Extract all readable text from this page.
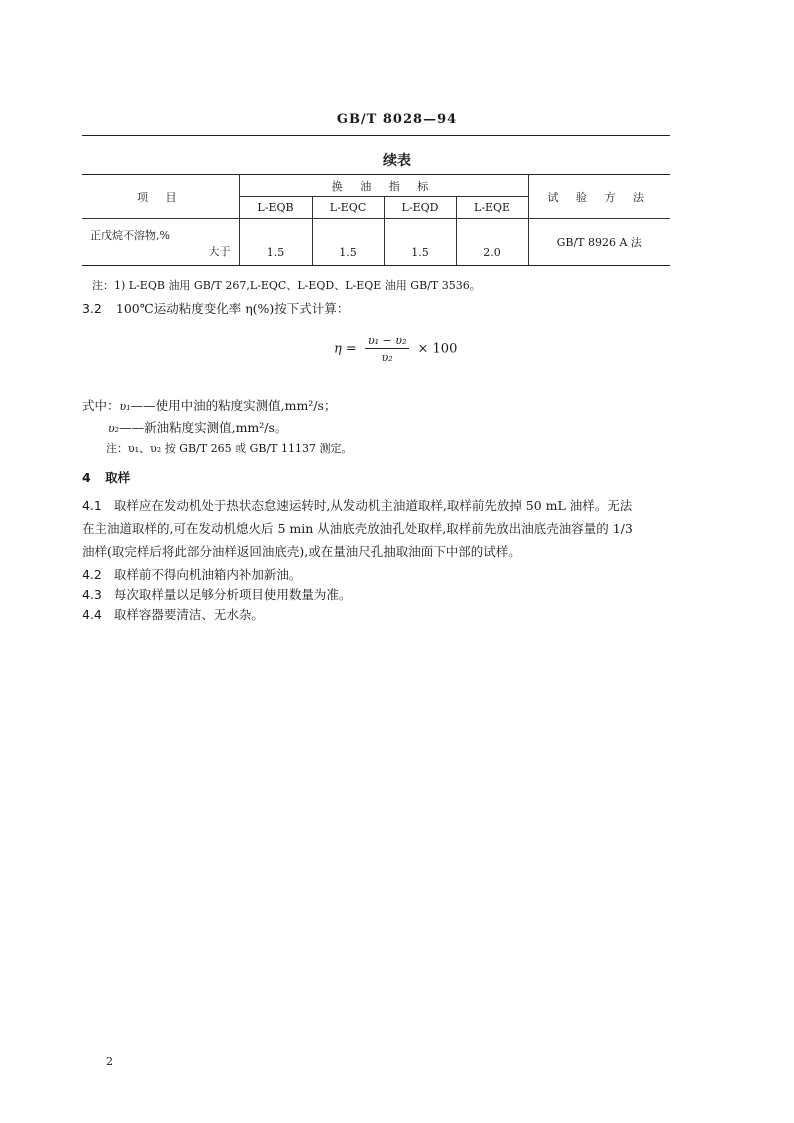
GB/T 8028—94
续表
项 目	换 油 指 标				试 验 方 法
	L-EQB	L-EQC	L-EQD	L-EQE	

正戊烷不溶物,%
大于	1.5	1.5	1.5	2.0	GB/T 8926 A 法
注：1) L-EQB 油用 GB/T 267,L-EQC、L-EQD、L-EQE 油用 GB/T 3536。
3.2 100℃运动粘度变化率 η(%)按下式计算：
$\eta = \frac{\text{υ₁ − υ₂}}{\text{υ₂}} \times 100$
式中：υ₁——使用中油的粘度实测值,mm²/s；
υ₂——新油粘度实测值,mm²/s。
注：υ₁、υ₂ 按 GB/T 265 或 GB/T 11137 测定。
4 取样
4.1 取样应在发动机处于热状态怠速运转时,从发动机主油道取样,取样前先放掉 50 mL 油样。无法
在主油道取样的,可在发动机熄火后 5 min 从油底壳放油孔处取样,取样前先放出油底壳油容量的 1/3
油样(取完样后将此部分油样返回油底壳),或在量油尺孔抽取油面下中部的试样。
4.2 取样前不得向机油箱内补加新油。
4.3 每次取样量以足够分析项目使用数量为准。
4.4 取样容器要清洁、无水杂。
2
